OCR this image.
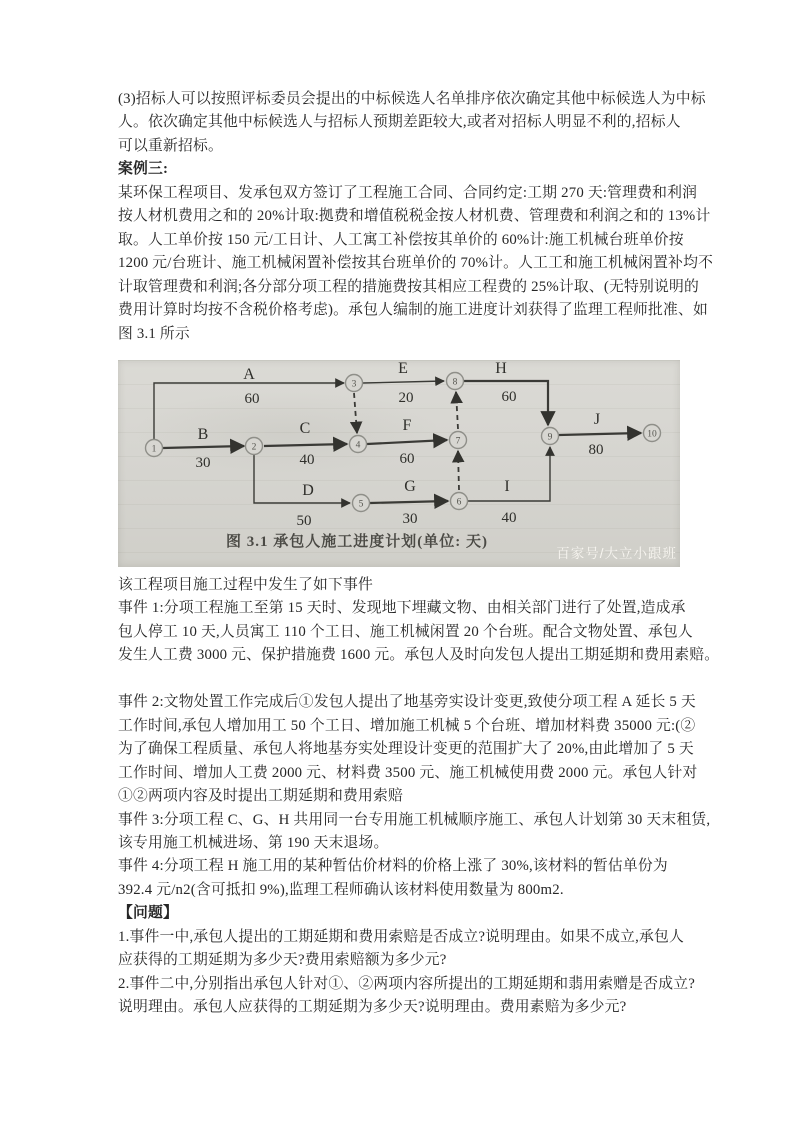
(3)招标人可以按照评标委员会提出的中标候选人名单排序依次确定其他中标候选人为中标
人。依次确定其他中标候选人与招标人预期差距较大,或者对招标人明显不利的,招标人
可以重新招标。
案例三:
某环保工程项目、发承包双方签订了工程施工合同、合同约定:工期 270 天:管理费和利润
按人材机费用之和的 20%计取:拠费和增值税税金按人材机费、管理费和利润之和的 13%计
取。人工单价按 150 元/工日计、人工寓工补偿按其单价的 60%计:施工机械台班单价按
1200 元/台班计、施工机械闲置补偿按其台班单价的 70%计。人工工和施工机械闲置补均不
计取管理费和利润;各分部分项工程的措施费按其相应工程费的 25%计取、(无特别说明的
费用计算时均按不含税价格考虑)。承包人编制的施工进度计刘获得了监理工程师批准、如
图 3.1 所示
A
B	C
D
E
F
G
H
I
J
60
30	40
50
20
60
30
60
40
80
1	2
3
4
5	6
7
8
9	10
图 3.1 承包人施工进度计划(单位: 天)
百家号/大立小跟班
该工程项目施工过程中发生了如下事件
事件 1:分项工程施工至第 15 天时、发现地下埋藏文物、由相关部门进行了处置,造成承
包人停工 10 天,人员寓工 110 个工日、施工机械闲置 20 个台班。配合文物处置、承包人
发生人工费 3000 元、保护措施费 1600 元。承包人及时向发包人提出工期延期和费用素赔。
事件 2:文物处置工作完成后①发包人提出了地基旁实设计变更,致使分项工程 A 延长 5 天
工作时间,承包人增加用工 50 个工日、增加施工机械 5 个台班、增加材料费 35000 元:(②
为了确保工程质量、承包人将地基夯实处理设计变更的范围扩大了 20%,由此增加了 5 天
工作时间、增加人工费 2000 元、材料费 3500 元、施工机械使用费 2000 元。承包人针对
①②两项内容及时提出工期延期和费用索赔
事件 3:分项工程 C、G、H 共用同一台专用施工机械顺序施工、承包人计划第 30 天末租赁,
该专用施工机械进场、第 190 天末退场。
事件 4:分项工程 H 施工用的某种暂估价材料的价格上涨了 30%,该材料的暂估单份为
392.4 元/n2(含可抵扣 9%),监理工程师确认该材料使用数量为 800m2.
【问题】
1.事件一中,承包人提出的工期延期和费用索赔是否成立?说明理由。如果不成立,承包人
应获得的工期延期为多少天?费用索赔额为多少元?
2.事件二中,分别指出承包人针对①、②两项内容所提出的工期延期和翡用索赠是否成立?
说明理由。承包人应获得的工期延期为多少天?说明理由。费用素赔为多少元?
